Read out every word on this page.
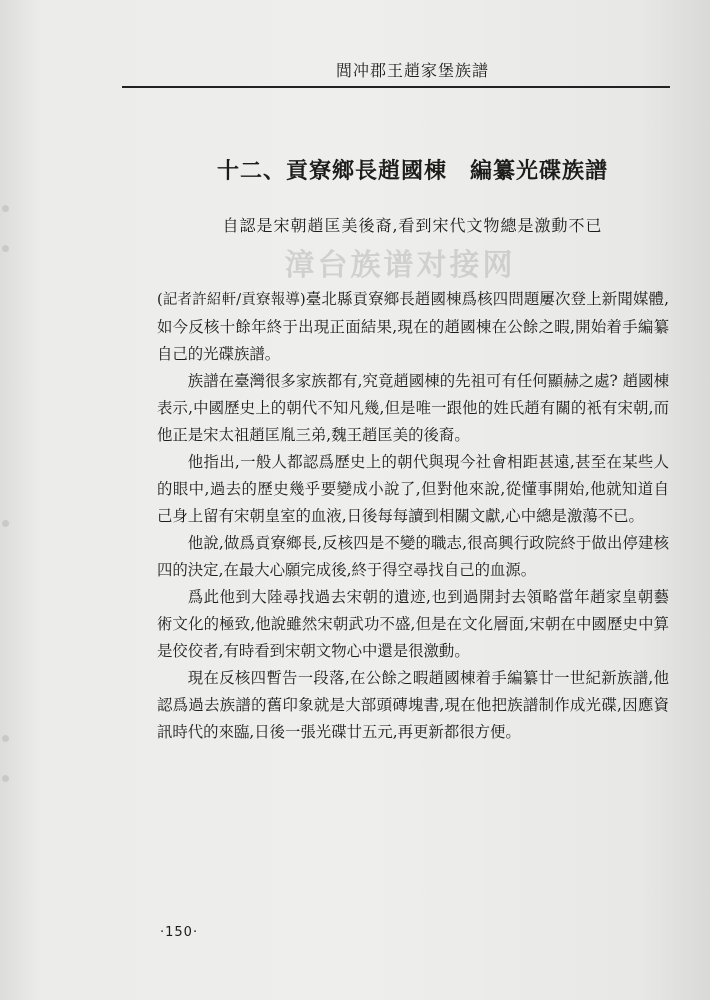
閭冲郡王趙家堡族譜
十二、貢寮鄉長趙國棟　編纂光碟族譜
自認是宋朝趙匡美後裔,看到宋代文物總是激動不已
漳台族谱对接网

(記者許紹軒/貢寮報導)臺北縣貢寮鄉長趙國棟爲核四問題屢次登上新聞媒體,如今反核十餘年終于出現正面結果,現在的趙國棟在公餘之暇,開始着手編纂自己的光碟族譜。

族譜在臺灣很多家族都有,究竟趙國棟的先祖可有任何顯赫之處? 趙國棟表示,中國歷史上的朝代不知凡幾,但是唯一跟他的姓氏趙有關的衹有宋朝,而他正是宋太祖趙匡胤三弟,魏王趙匡美的後裔。

他指出,一般人都認爲歷史上的朝代與現今社會相距甚遠,甚至在某些人的眼中,過去的歷史幾乎要變成小說了,但對他來說,從懂事開始,他就知道自己身上留有宋朝皇室的血液,日後每每讀到相關文獻,心中總是激蕩不已。

他說,做爲貢寮鄉長,反核四是不變的職志,很高興行政院終于做出停建核四的決定,在最大心願完成後,終于得空尋找自己的血源。

爲此他到大陸尋找過去宋朝的遺迹,也到過開封去領略當年趙家皇朝藝術文化的極致,他說雖然宋朝武功不盛,但是在文化層面,宋朝在中國歷史中算是佼佼者,有時看到宋朝文物心中還是很激動。

現在反核四暫告一段落,在公餘之暇趙國棟着手編纂廿一世紀新族譜,他認爲過去族譜的舊印象就是大部頭磚塊書,現在他把族譜制作成光碟,因應資訊時代的來臨,日後一張光碟廿五元,再更新都很方便。

·150·
